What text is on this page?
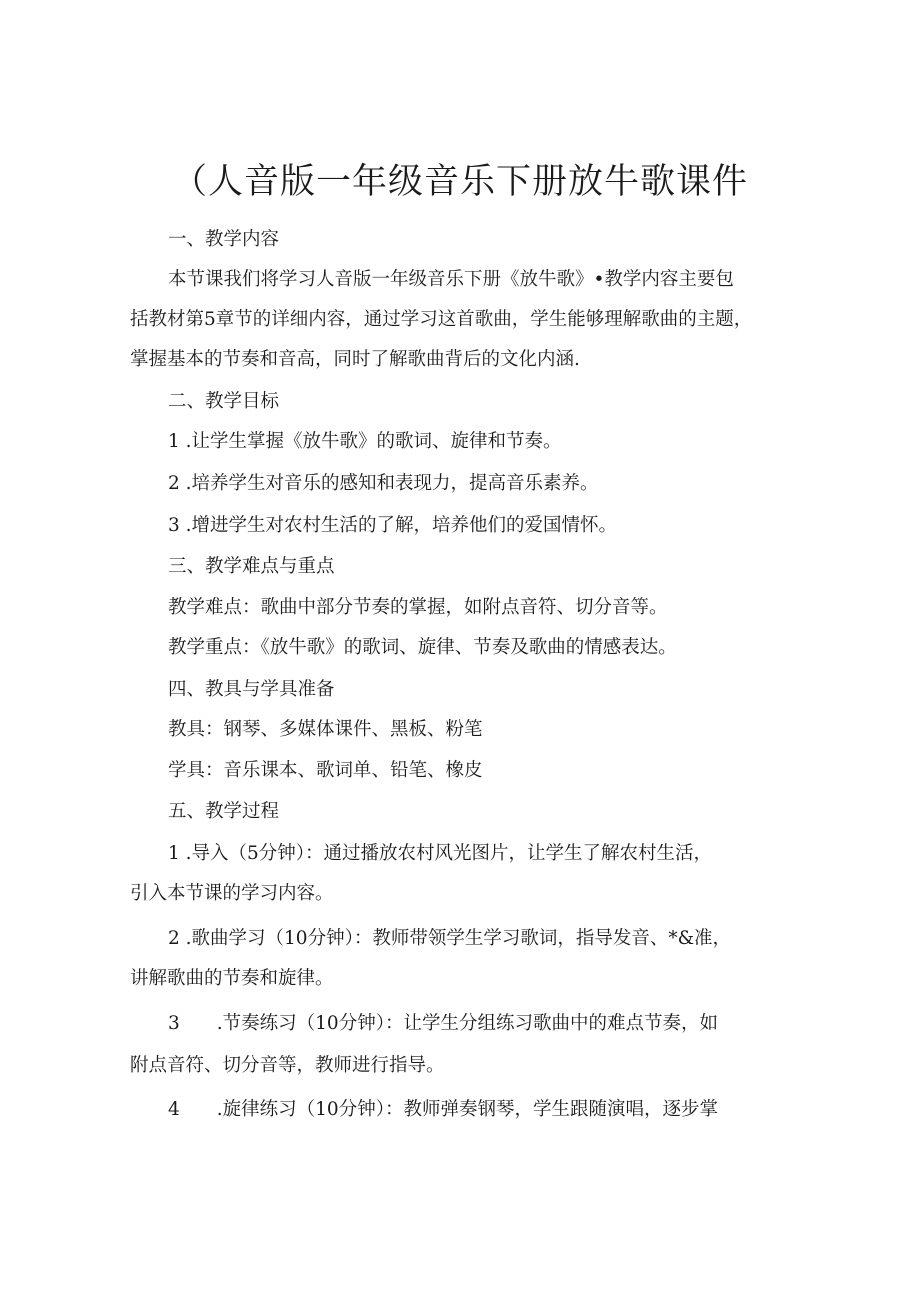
（人音版一年级音乐下册放牛歌课件

一、教学内容

本节课我们将学习人音版一年级音乐下册《放牛歌》•教学内容主要包

括教材第5章节的详细内容，通过学习这首歌曲，学生能够理解歌曲的主题，

掌握基本的节奏和音高，同时了解歌曲背后的文化内涵.

二、教学目标

1 .让学生掌握《放牛歌》的歌词、旋律和节奏。

2 .培养学生对音乐的感知和表现力，提高音乐素养。

3 .增进学生对农村生活的了解，培养他们的爱国情怀。

三、教学难点与重点

教学难点：歌曲中部分节奏的掌握，如附点音符、切分音等。

教学重点：《放牛歌》的歌词、旋律、节奏及歌曲的情感表达。

四、教具与学具准备

教具：钢琴、多媒体课件、黑板、粉笔

学具：音乐课本、歌词单、铅笔、橡皮

五、教学过程

1 .导入（5分钟）：通过播放农村风光图片，让学生了解农村生活，

引入本节课的学习内容。

2 .歌曲学习（10分钟）：教师带领学生学习歌词，指导发音、*&准，

讲解歌曲的节奏和旋律。

3　　.节奏练习（10分钟）：让学生分组练习歌曲中的难点节奏，如

附点音符、切分音等，教师进行指导。

4　　.旋律练习（10分钟）：教师弹奏钢琴，学生跟随演唱，逐步掌
